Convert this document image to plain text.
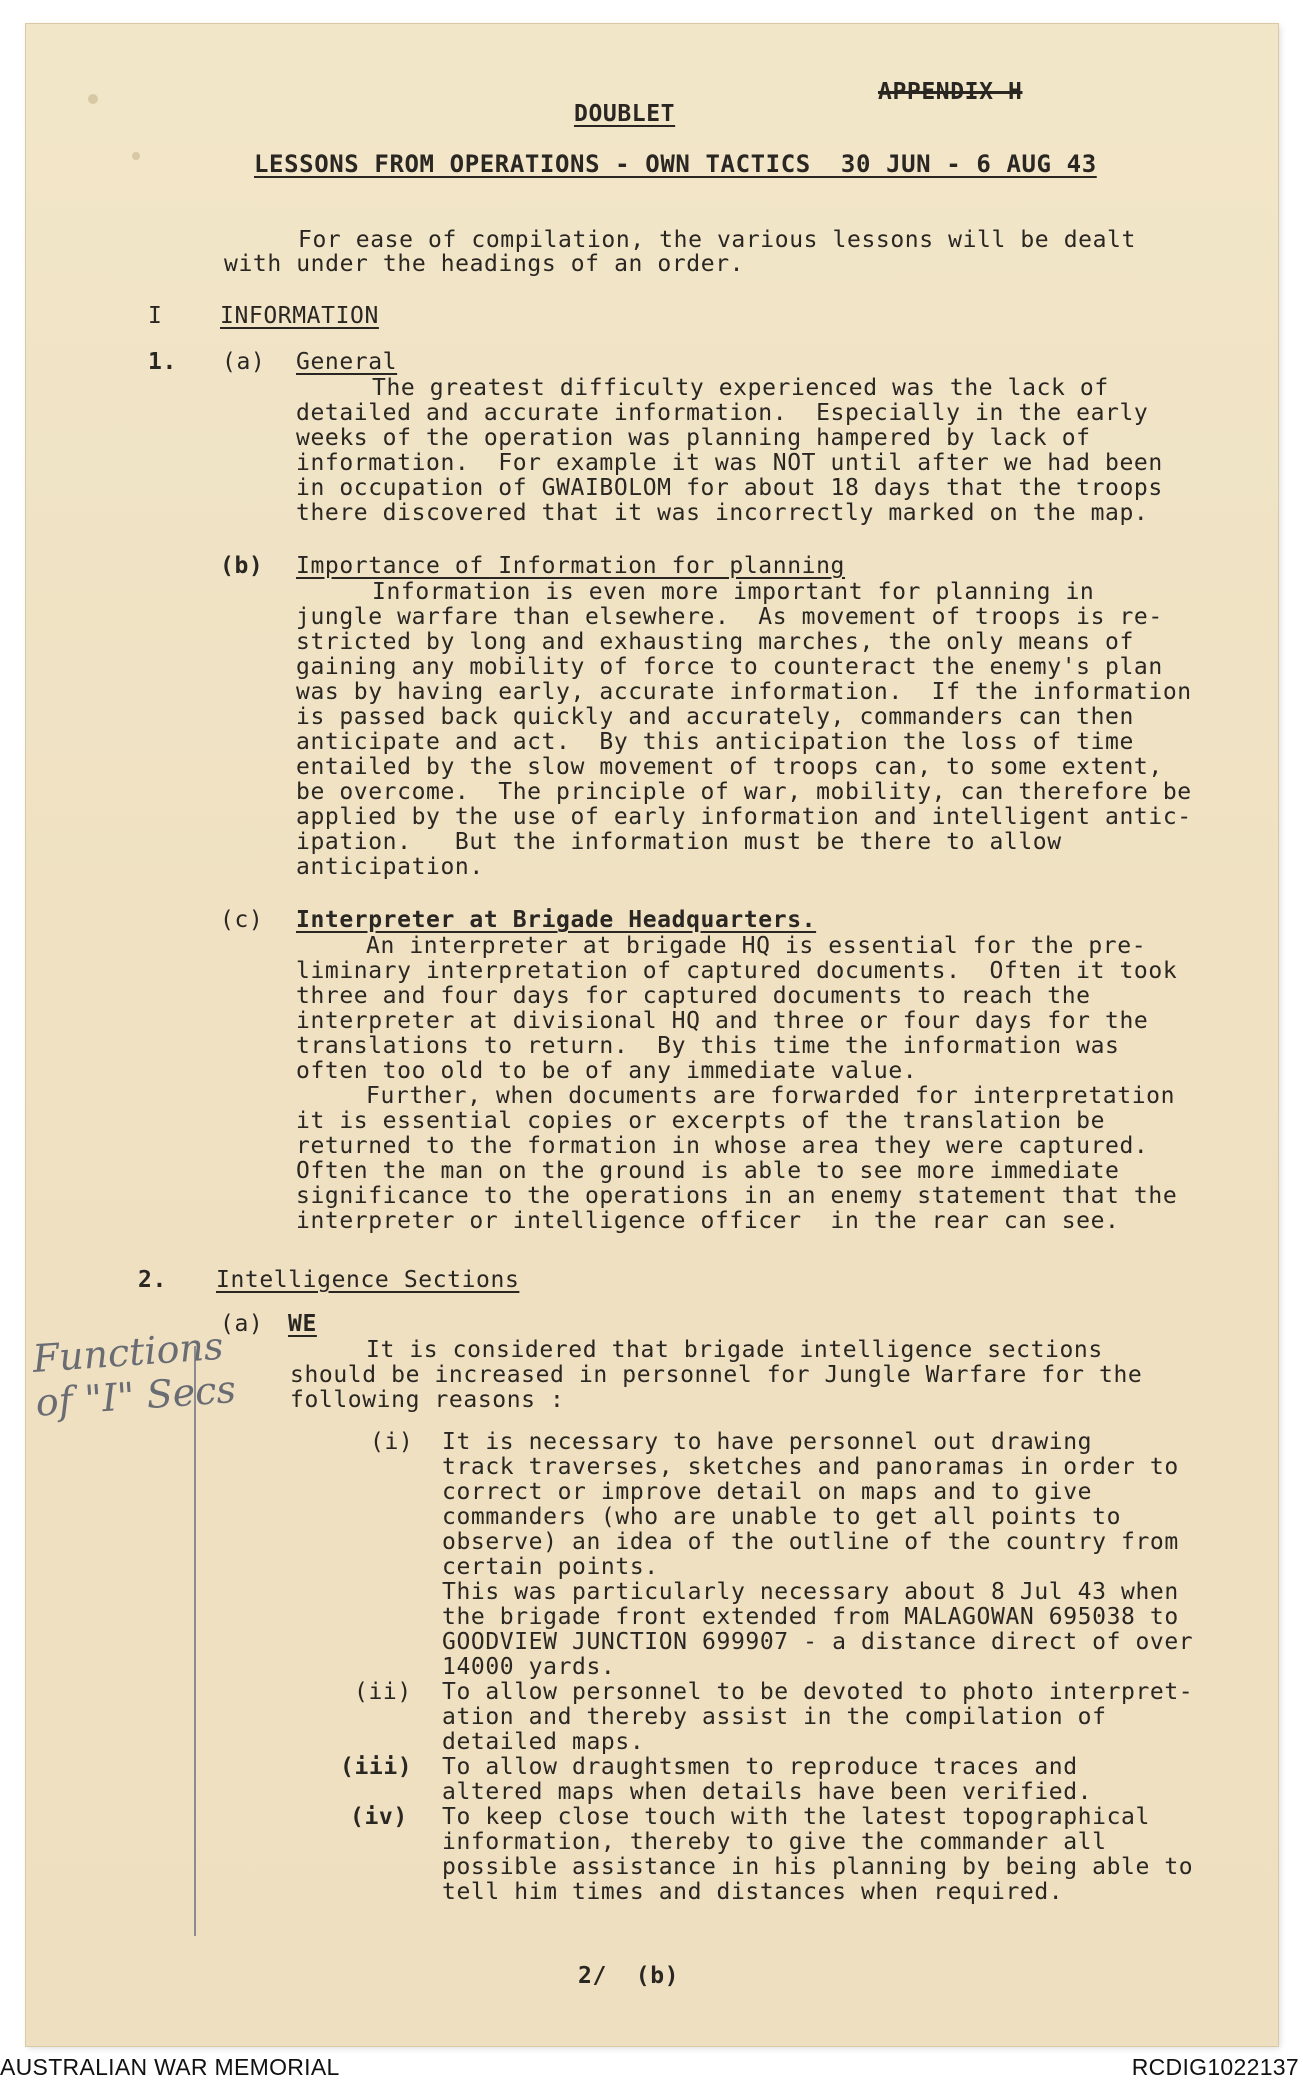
APPENDIX H
DOUBLET
LESSONS FROM OPERATIONS - OWN TACTICS  30 JUN - 6 AUG 43
For ease of compilation, the various lessons will be dealt
with under the headings of an order.
I	INFORMATION
1. (a) General
The greatest difficulty experienced was the lack of
detailed and accurate information.  Especially in the early
weeks of the operation was planning hampered by lack of
information.  For example it was NOT until after we had been
in occupation of GWAIBOLOM for about 18 days that the troops
there discovered that it was incorrectly marked on the map.
(b) Importance of Information for planning
Information is even more important for planning in
jungle warfare than elsewhere.  As movement of troops is re-
stricted by long and exhausting marches, the only means of
gaining any mobility of force to counteract the enemy's plan
was by having early, accurate information.  If the information
is passed back quickly and accurately, commanders can then
anticipate and act.  By this anticipation the loss of time
entailed by the slow movement of troops can, to some extent,
be overcome.  The principle of war, mobility, can therefore be
applied by the use of early information and intelligent antic-
ipation.   But the information must be there to allow
anticipation.
(c) Interpreter at Brigade Headquarters.
An interpreter at brigade HQ is essential for the pre-
liminary interpretation of captured documents.  Often it took
three and four days for captured documents to reach the
interpreter at divisional HQ and three or four days for the
translations to return.  By this time the information was
often too old to be of any immediate value.
Further, when documents are forwarded for interpretation
it is essential copies or excerpts of the translation be
returned to the formation in whose area they were captured.
Often the man on the ground is able to see more immediate
significance to the operations in an enemy statement that the
interpreter or intelligence officer  in the rear can see.
2. Intelligence Sections
Functions
of "I" Secs
(a) WE
It is considered that brigade intelligence sections
should be increased in personnel for Jungle Warfare for the
following reasons :
(i) It is necessary to have personnel out drawing
track traverses, sketches and panoramas in order to
correct or improve detail on maps and to give
commanders (who are unable to get all points to
observe) an idea of the outline of the country from
certain points.
This was particularly necessary about 8 Jul 43 when
the brigade front extended from MALAGOWAN 695038 to
GOODVIEW JUNCTION 699907 - a distance direct of over
14000 yards.
(ii) To allow personnel to be devoted to photo interpret-
ation and thereby assist in the compilation of
detailed maps.
(iii) To allow draughtsmen to reproduce traces and
altered maps when details have been verified.
(iv) To keep close touch with the latest topographical
information, thereby to give the commander all
possible assistance in his planning by being able to
tell him times and distances when required.
2/  (b)
AUSTRALIAN WAR MEMORIAL	RCDIG1022137
